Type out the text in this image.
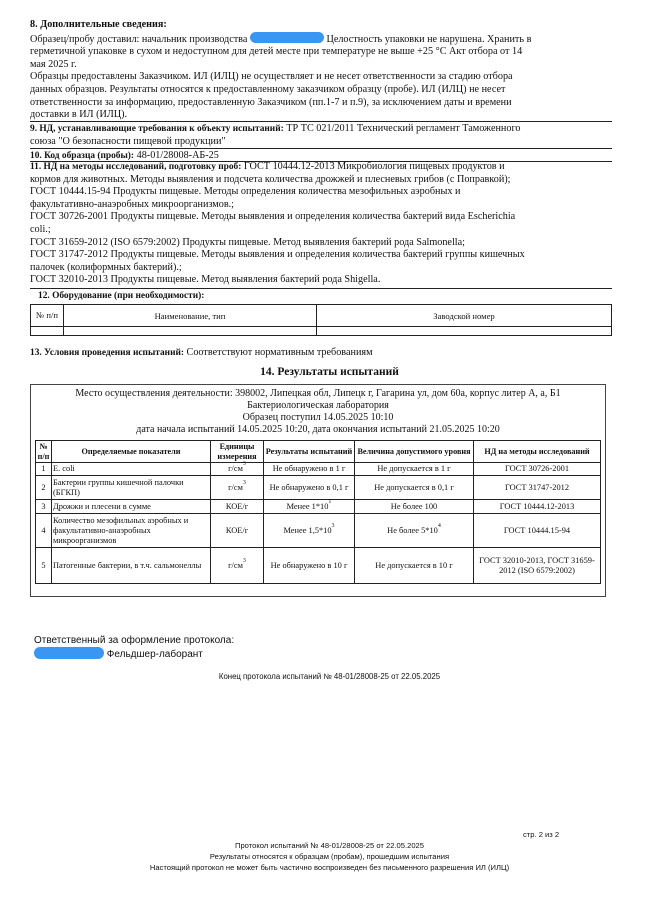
8. Дополнительные сведения:

Образец/пробу доставил: начальник производства	Целостность упаковки не нарушена. Хранить в

герметичной упаковке в сухом и недоступном для детей месте при температуре не выше +25 °С Акт отбора от 14

мая 2025 г.

Образцы предоставлены Заказчиком. ИЛ (ИЛЦ) не осуществляет и не несет ответственности за стадию отбора

данных образцов. Результаты относятся к предоставленному заказчиком образцу (пробе). ИЛ (ИЛЦ) не несет

ответственности за информацию, предоставленную Заказчиком (пп.1-7 и п.9), за исключением даты и времени

доставки в ИЛ (ИЛЦ).

9. НД, устанавливающие требования к объекту испытаний: ТР ТС 021/2011 Технический регламент Таможенного

союза "О безопасности пищевой продукции"

10. Код образца (пробы): 48-01/28008-АБ-25

11. НД на методы исследований, подготовку проб: ГОСТ 10444.12-2013 Микробиология пищевых продуктов и

кормов для животных. Методы выявления и подсчета количества дрожжей и плесневых грибов (с Поправкой);

ГОСТ 10444.15-94 Продукты пищевые. Методы определения количества мезофильных аэробных и

факультативно-анаэробных микроорганизмов.;

ГОСТ 30726-2001 Продукты пищевые. Методы выявления и определения количества бактерий вида Escherichia

coli.;

ГОСТ 31659-2012 (ISO 6579:2002) Продукты пищевые. Метод выявления бактерий рода Salmonella;

ГОСТ 31747-2012 Продукты пищевые. Методы выявления и определения количества бактерий группы кишечных

палочек (колиформных бактерий).;

ГОСТ 32010-2013 Продукты пищевые. Метод выявления бактерий рода Shigella.

12. Оборудование (при необходимости):

№ п/п	Наименование, тип	Заводской номер

13. Условия проведения испытаний: Соответствуют нормативным требованиям

14. Результаты испытаний
Место осуществления деятельности: 398002, Липецкая обл, Липецк г, Гагарина ул, дом 60а, корпус литер А, а, Б1
Бактериологическая лаборатория
Образец поступил 14.05.2025 10:10
дата начала испытаний 14.05.2025 10:20, дата окончания испытаний 21.05.2025 10:20
№ п/п	Определяемые показатели	Единицы измерения	Результаты испытаний	Величина допустимого уровня	НД на методы исследований
1	E. coli	$г/см^3$	Не обнаружено в 1 г	Не допускается в 1 г	ГОСТ 30726-2001
2	Бактерии группы кишечной палочки (БГКП)	$г/см^3$	Не обнаружено в 0,1 г	Не допускается в 0,1 г	ГОСТ 31747-2012
3	Дрожжи и плесени в сумме	КОЕ/г	Менее $1*10^1$	Не более 100	ГОСТ 10444.12-2013
4	Количество мезофильных аэробных и факультативно-анаэробных микроорганизмов	КОЕ/г	Менее $1,5*10^3$	Не более $5*10^4$	ГОСТ 10444.15-94
5	Патогенные бактерии, в т.ч. сальмонеллы	$г/см^3$	Не обнаружено в 10 г	Не допускается в 10 г	ГОСТ 32010-2013, ГОСТ 31659-2012 (ISO 6579:2002)
Ответственный за оформление протокола:
Фельдшер-лаборант
Конец протокола испытаний № 48-01/28008-25 от 22.05.2025
стр. 2 из 2
Протокол испытаний № 48-01/28008-25 от 22.05.2025
Результаты относятся к образцам (пробам), прошедшим испытания
Настоящий протокол не может быть частично воспроизведен без письменного разрешения ИЛ (ИЛЦ)
